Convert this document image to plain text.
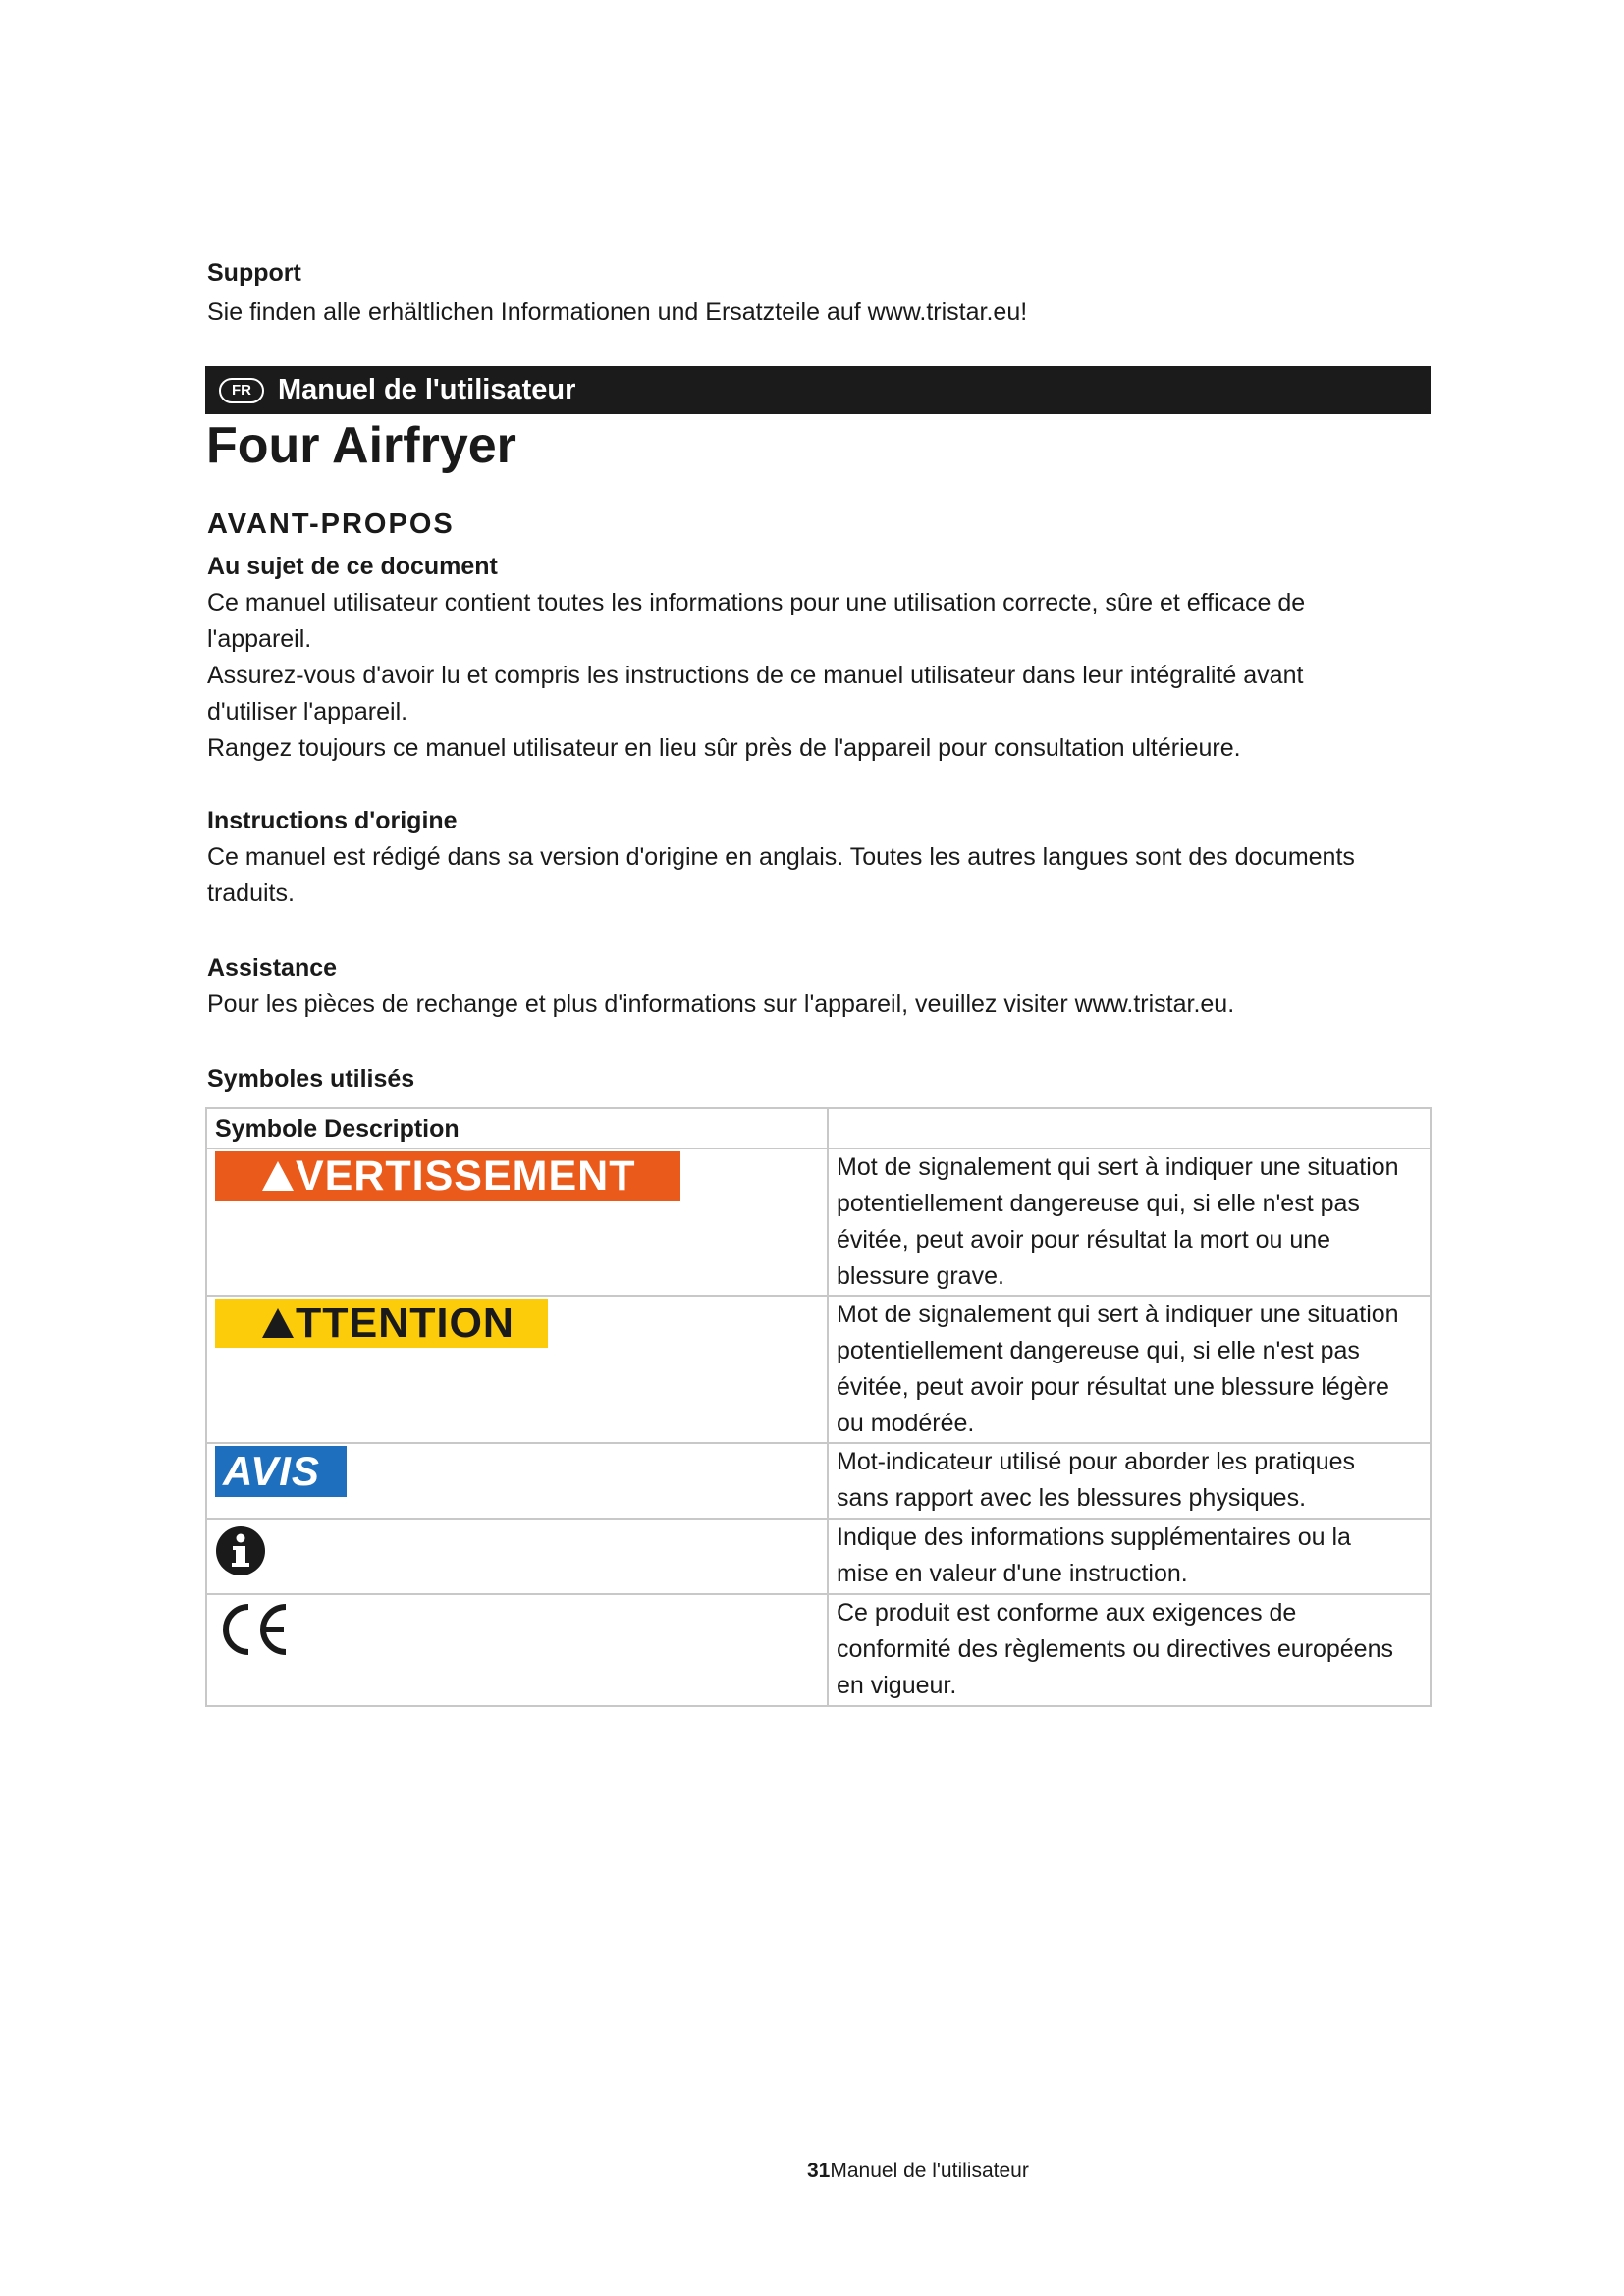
Support
Sie finden alle erhältlichen Informationen und Ersatzteile auf www.tristar.eu!
FR Manuel de l'utilisateur
Four Airfryer
AVANT-PROPOS
Au sujet de ce document
Ce manuel utilisateur contient toutes les informations pour une utilisation correcte, sûre et efficace de
l'appareil.
Assurez-vous d'avoir lu et compris les instructions de ce manuel utilisateur dans leur intégralité avant
d'utiliser l'appareil.
Rangez toujours ce manuel utilisateur en lieu sûr près de l'appareil pour consultation ultérieure.
Instructions d'origine
Ce manuel est rédigé dans sa version d'origine en anglais. Toutes les autres langues sont des documents
traduits.
Assistance
Pour les pièces de rechange et plus d'informations sur l'appareil, veuillez visiter www.tristar.eu.
Symboles utilisés
Symbole Description	

VERTISSEMENT	Mot de signalement qui sert à indiquer une situation
potentiellement dangereuse qui, si elle n'est pas
évitée, peut avoir pour résultat la mort ou une
blessure grave.

TTENTION	Mot de signalement qui sert à indiquer une situation
potentiellement dangereuse qui, si elle n'est pas
évitée, peut avoir pour résultat une blessure légère
ou modérée.

AVIS	Mot-indicateur utilisé pour aborder les pratiques
sans rapport avec les blessures physiques.

Indique des informations supplémentaires ou la
mise en valeur d'une instruction.

Ce produit est conforme aux exigences de
conformité des règlements ou directives européens
en vigueur.
31Manuel de l'utilisateur
